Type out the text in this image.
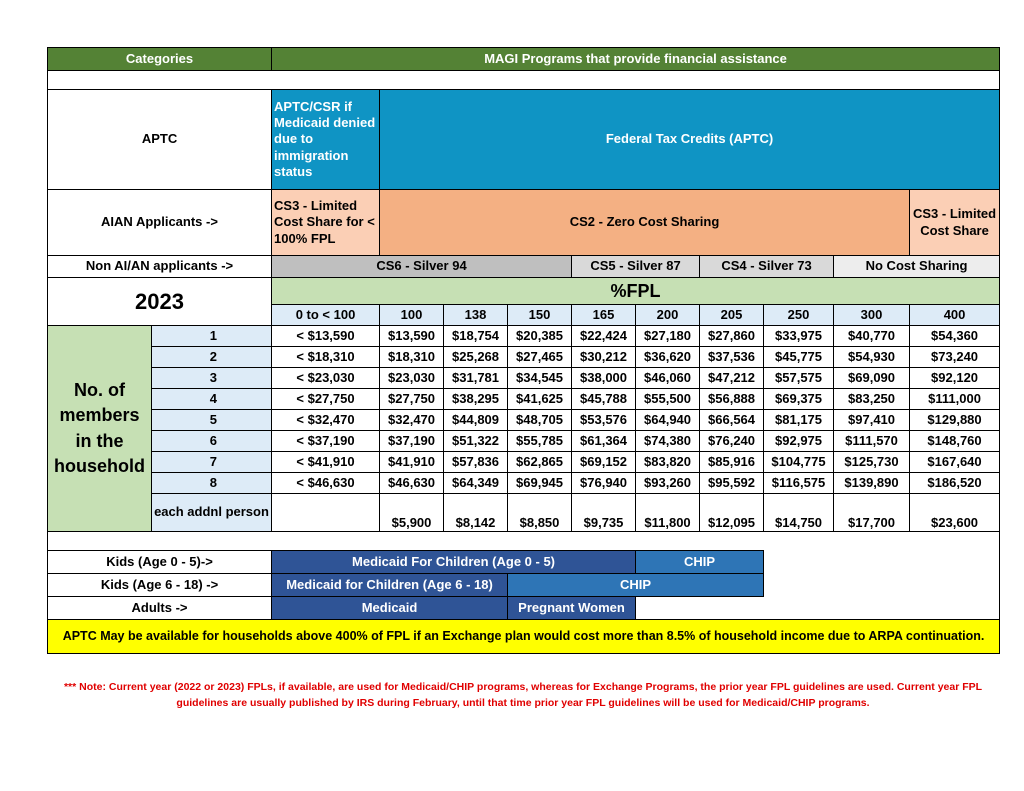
Categories		MAGI Programs that provide financial assistance									

APTC		APTC/CSR if Medicaid denied due to immigration status	Federal Tax Credits (APTC)								
AIAN Applicants ->		CS3 - Limited Cost Share for < 100% FPL	CS2 - Zero Cost Sharing								CS3 - Limited Cost Share
Non AI/AN applicants ->		CS6 - Silver 94				CS5 - Silver 87		CS4 - Silver 73		No Cost Sharing	
2023		%FPL									
		0 to < 100	100	138	150	165	200	205	250	300	400
No. of members in the household	1	< $13,590	$13,590	$18,754	$20,385	$22,424	$27,180	$27,860	$33,975	$40,770	$54,360
	2	< $18,310	$18,310	$25,268	$27,465	$30,212	$36,620	$37,536	$45,775	$54,930	$73,240
	3	< $23,030	$23,030	$31,781	$34,545	$38,000	$46,060	$47,212	$57,575	$69,090	$92,120
	4	< $27,750	$27,750	$38,295	$41,625	$45,788	$55,500	$56,888	$69,375	$83,250	$111,000
	5	< $32,470	$32,470	$44,809	$48,705	$53,576	$64,940	$66,564	$81,175	$97,410	$129,880
	6	< $37,190	$37,190	$51,322	$55,785	$61,364	$74,380	$76,240	$92,975	$111,570	$148,760
	7	< $41,910	$41,910	$57,836	$62,865	$69,152	$83,820	$85,916	$104,775	$125,730	$167,640
	8	< $46,630	$46,630	$64,349	$69,945	$76,940	$93,260	$95,592	$116,575	$139,890	$186,520
	each addnl person		$5,900	$8,142	$8,850	$9,735	$11,800	$12,095	$14,750	$17,700	$23,600

Kids (Age 0 - 5)->		Medicaid For Children (Age 0 - 5)					CHIP				
Kids (Age 6 - 18) ->		Medicaid for Children (Age 6 - 18)			CHIP						
Adults ->		Medicaid			Pregnant Women						
APTC May be available for households above 400% of FPL if an Exchange plan would cost more than 8.5% of household income due to ARPA continuation.											
*** Note: Current year (2022 or 2023) FPLs, if available, are used for Medicaid/CHIP programs, whereas for Exchange Programs, the prior year FPL guidelines are used. Current year FPL guidelines are usually published by IRS during February, until that time prior year FPL guidelines will be used for Medicaid/CHIP programs.
